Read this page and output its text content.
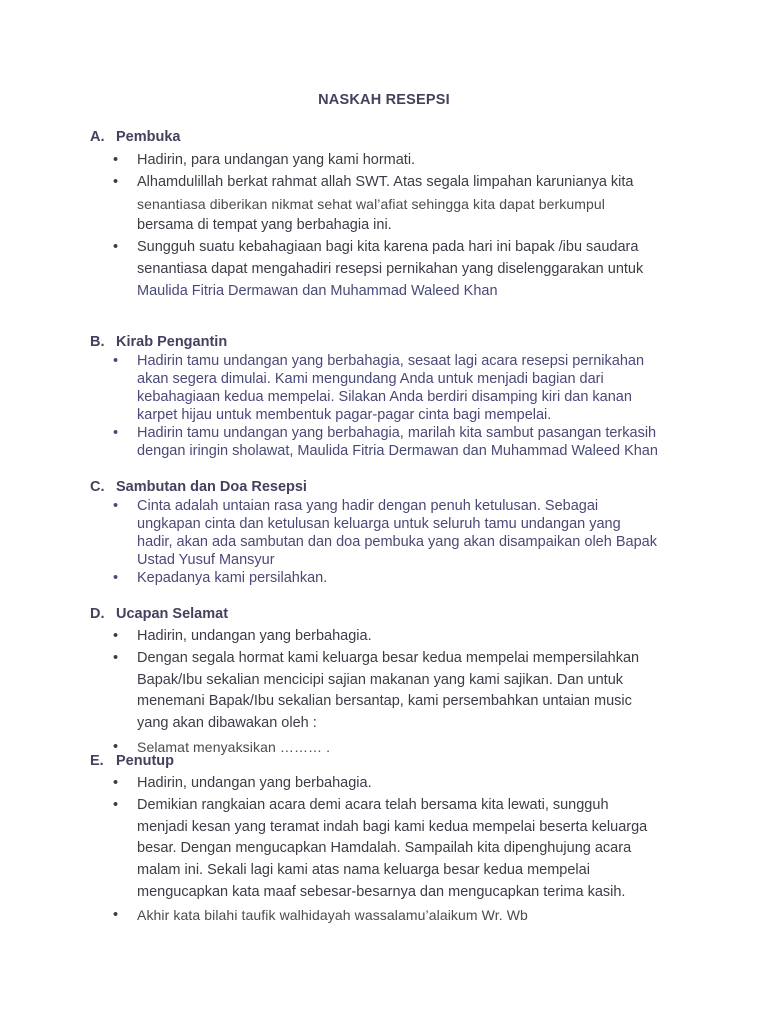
NASKAH RESEPSI
A. Pembuka
• Hadirin, para undangan yang kami hormati.
• Alhamdulillah berkat rahmat allah SWT. Atas segala limpahan karunianya kita
senantiasa diberikan nikmat sehat wal’afiat sehingga kita dapat berkumpul
bersama di tempat yang berbahagia ini.
• Sungguh suatu kebahagiaan bagi kita karena pada hari ini bapak /ibu saudara
senantiasa dapat mengahadiri resepsi pernikahan yang diselenggarakan untuk
Maulida Fitria Dermawan dan Muhammad Waleed Khan
B. Kirab Pengantin
• Hadirin tamu undangan yang berbahagia, sesaat lagi acara resepsi pernikahan
akan segera dimulai. Kami mengundang Anda untuk menjadi bagian dari
kebahagiaan kedua mempelai. Silakan Anda berdiri disamping kiri dan kanan
karpet hijau untuk membentuk pagar-pagar cinta bagi mempelai.
• Hadirin tamu undangan yang berbahagia, marilah kita sambut pasangan terkasih
dengan iringin sholawat, Maulida Fitria Dermawan dan Muhammad Waleed Khan
C. Sambutan dan Doa Resepsi
• Cinta adalah untaian rasa yang hadir dengan penuh ketulusan. Sebagai
ungkapan cinta dan ketulusan keluarga untuk seluruh tamu undangan yang
hadir, akan ada sambutan dan doa pembuka yang akan disampaikan oleh Bapak
Ustad Yusuf Mansyur
• Kepadanya kami persilahkan.
D. Ucapan Selamat
• Hadirin, undangan yang berbahagia.
• Dengan segala hormat kami keluarga besar kedua mempelai mempersilahkan
Bapak/Ibu sekalian mencicipi sajian makanan yang kami sajikan. Dan untuk
menemani Bapak/Ibu sekalian bersantap, kami persembahkan untaian music
yang akan dibawakan oleh :
• Selamat menyaksikan ……… .
E. Penutup
• Hadirin, undangan yang berbahagia.
• Demikian rangkaian acara demi acara telah bersama kita lewati, sungguh
menjadi kesan yang teramat indah bagi kami kedua mempelai beserta keluarga
besar. Dengan mengucapkan Hamdalah. Sampailah kita dipenghujung acara
malam ini. Sekali lagi kami atas nama keluarga besar kedua mempelai
mengucapkan kata maaf sebesar-besarnya dan mengucapkan terima kasih.
• Akhir kata bilahi taufik walhidayah wassalamu’alaikum Wr. Wb
